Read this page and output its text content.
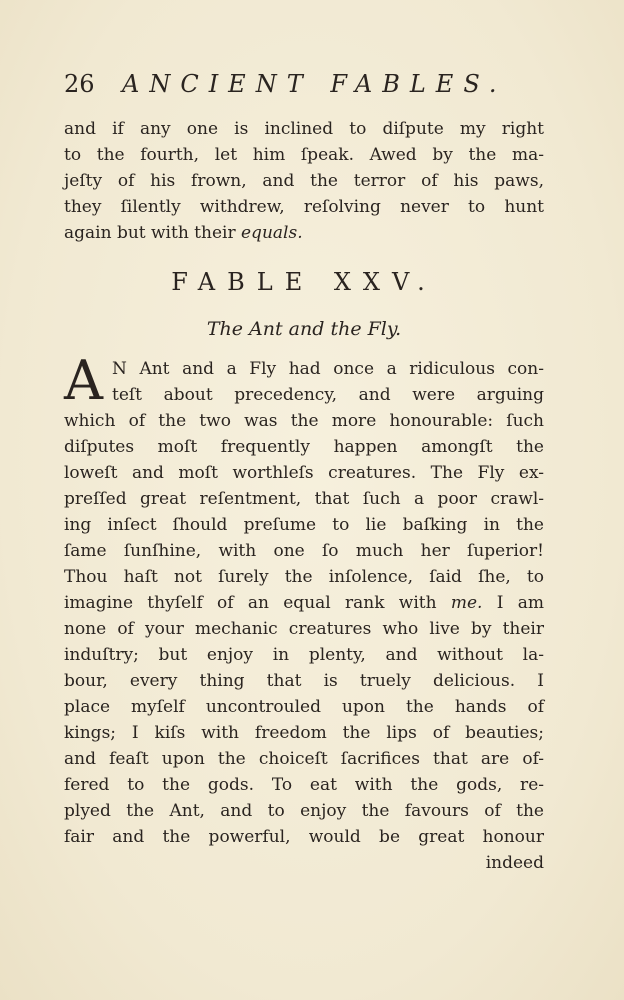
26 ANCIENT FABLES.
and if any one is inclined to diſpute my right
to the fourth, let him ſpeak. Awed by the ma-
jeſty of his frown, and the terror of his paws,
they ſilently withdrew, reſolving never to hunt
again but with their equals.
FABLE XXV.
The Ant and the Fly.
A N Ant and a Fly had once a ridiculous con-
teſt about precedency, and were arguing
which of the two was the more honourable: ſuch
diſputes moſt frequently happen amongſt the
loweſt and moſt worthleſs creatures. The Fly ex-
preſſed great reſentment, that ſuch a poor crawl-
ing inſect ſhould preſume to lie baſking in the
ſame ſunſhine, with one ſo much her ſuperior!
Thou haſt not ſurely the inſolence, ſaid ſhe, to
imagine thyſelf of an equal rank with me. I am
none of your mechanic creatures who live by their
induſtry; but enjoy in plenty, and without la-
bour, every thing that is truely delicious. I
place myſelf uncontrouled upon the hands of
kings; I kiſs with freedom the lips of beauties;
and feaſt upon the choiceſt ſacrifices that are of-
fered to the gods. To eat with the gods, re-
plyed the Ant, and to enjoy the favours of the
fair and the powerful, would be great honour
indeed
